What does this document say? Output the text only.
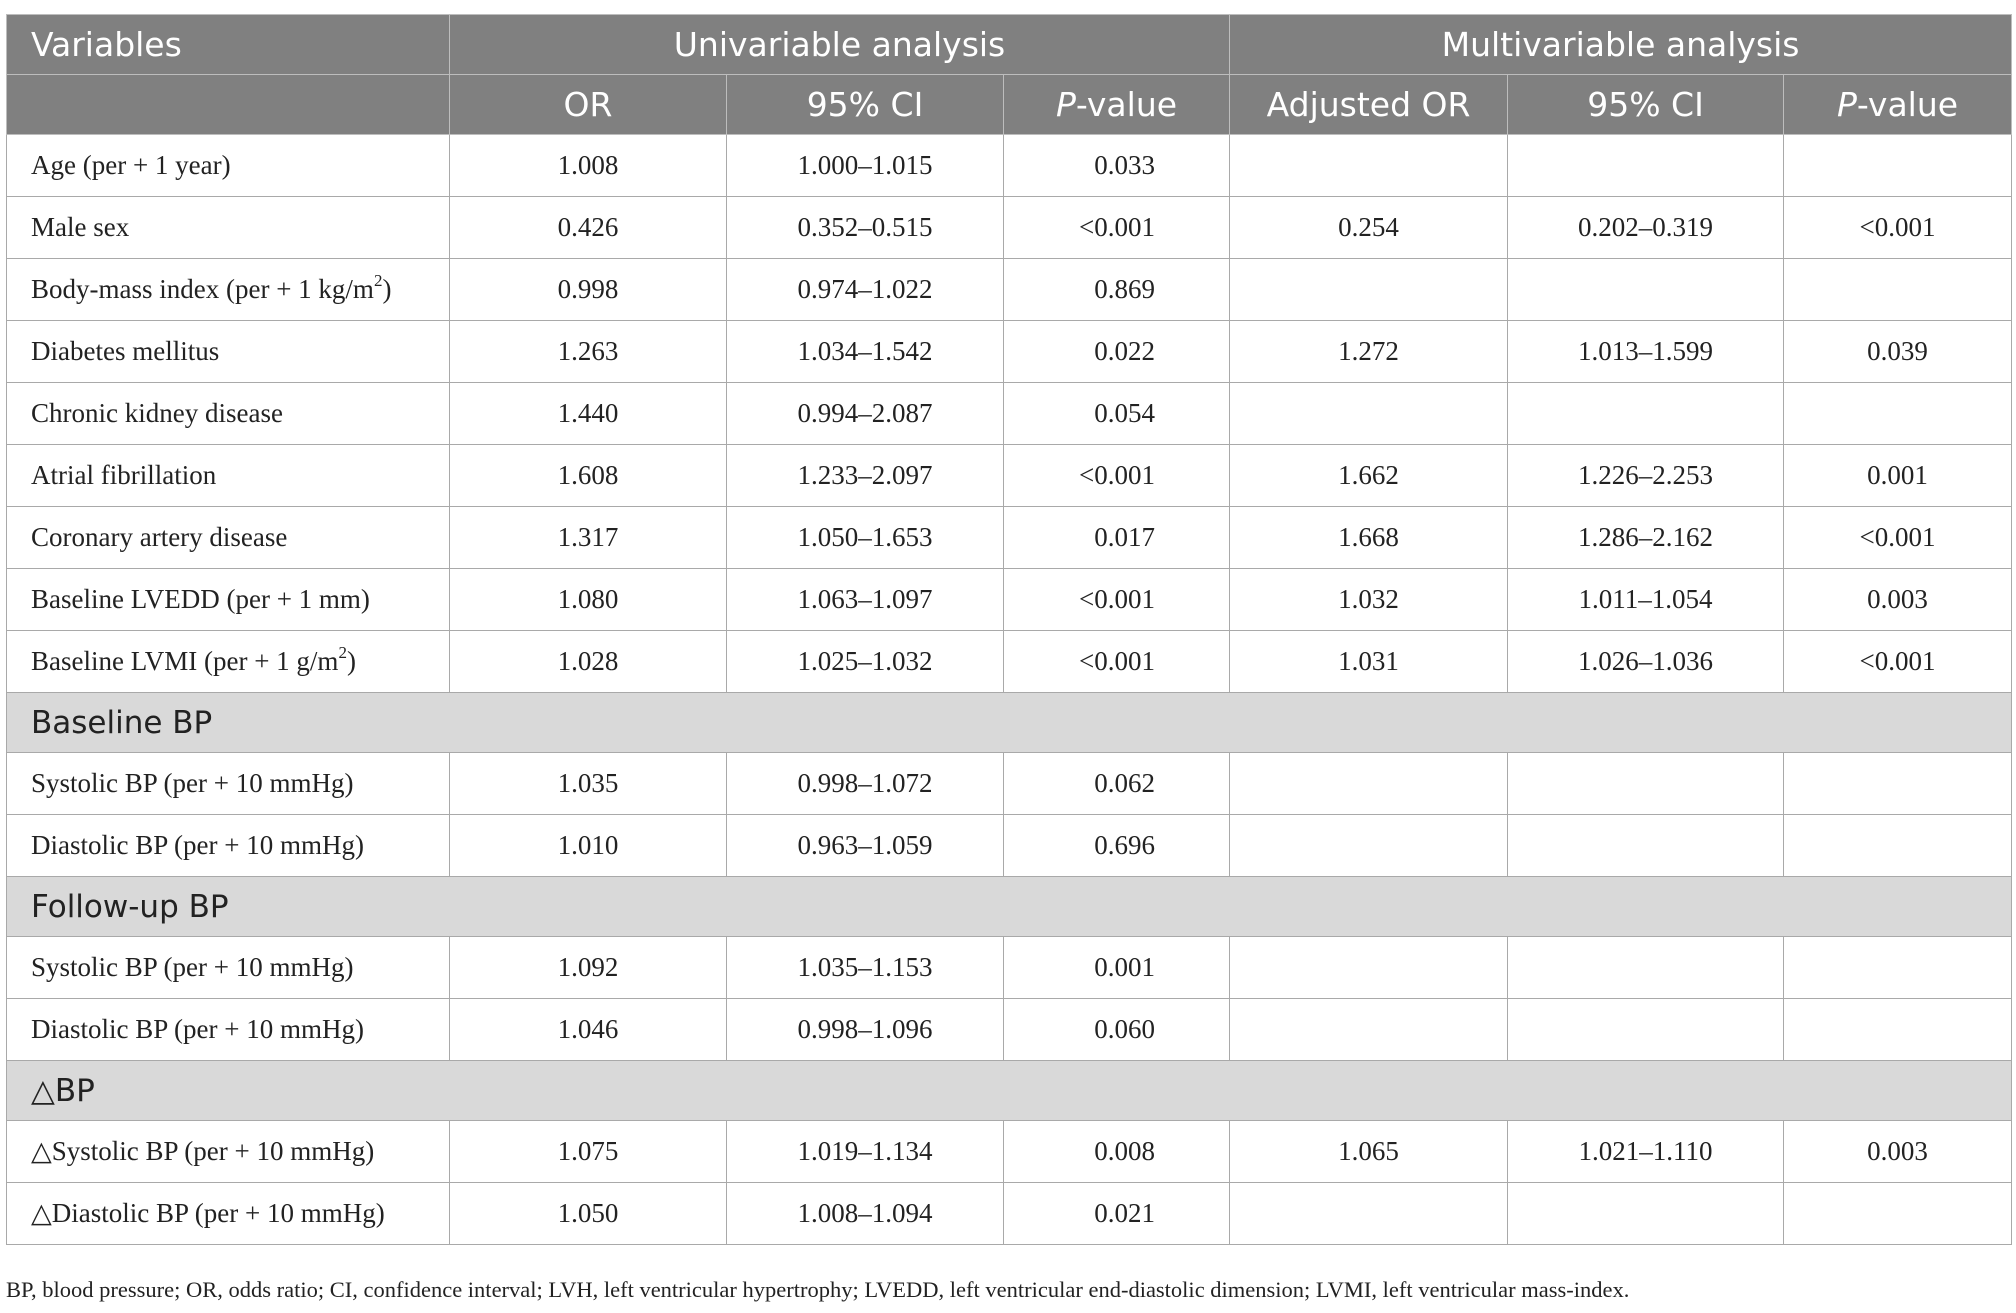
Variables	Univariable analysis			Multivariable analysis		
	OR	95% CI	P-value	Adjusted OR	95% CI	P-value
Age (per + 1 year)	1.008	1.000–1.015	0.033			
Male sex	0.426	0.352–0.515	<0.001	0.254	0.202–0.319	<0.001
Body-mass index (per + 1 $kg/m^2$)	0.998	0.974–1.022	0.869			
Diabetes mellitus	1.263	1.034–1.542	0.022	1.272	1.013–1.599	0.039
Chronic kidney disease	1.440	0.994–2.087	0.054			
Atrial fibrillation	1.608	1.233–2.097	<0.001	1.662	1.226–2.253	0.001
Coronary artery disease	1.317	1.050–1.653	0.017	1.668	1.286–2.162	<0.001
Baseline LVEDD (per + 1 mm)	1.080	1.063–1.097	<0.001	1.032	1.011–1.054	0.003
Baseline LVMI (per + 1 $g/m^2$)	1.028	1.025–1.032	<0.001	1.031	1.026–1.036	<0.001
Baseline BP						
Systolic BP (per + 10 mmHg)	1.035	0.998–1.072	0.062			
Diastolic BP (per + 10 mmHg)	1.010	0.963–1.059	0.696			
Follow-up BP						
Systolic BP (per + 10 mmHg)	1.092	1.035–1.153	0.001			
Diastolic BP (per + 10 mmHg)	1.046	0.998–1.096	0.060			
△BP						
△Systolic BP (per + 10 mmHg)	1.075	1.019–1.134	0.008	1.065	1.021–1.110	0.003
△Diastolic BP (per + 10 mmHg)	1.050	1.008–1.094	0.021			
BP, blood pressure; OR, odds ratio; CI, confidence interval; LVH, left ventricular hypertrophy; LVEDD, left ventricular end-diastolic dimension; LVMI, left ventricular mass-index.
